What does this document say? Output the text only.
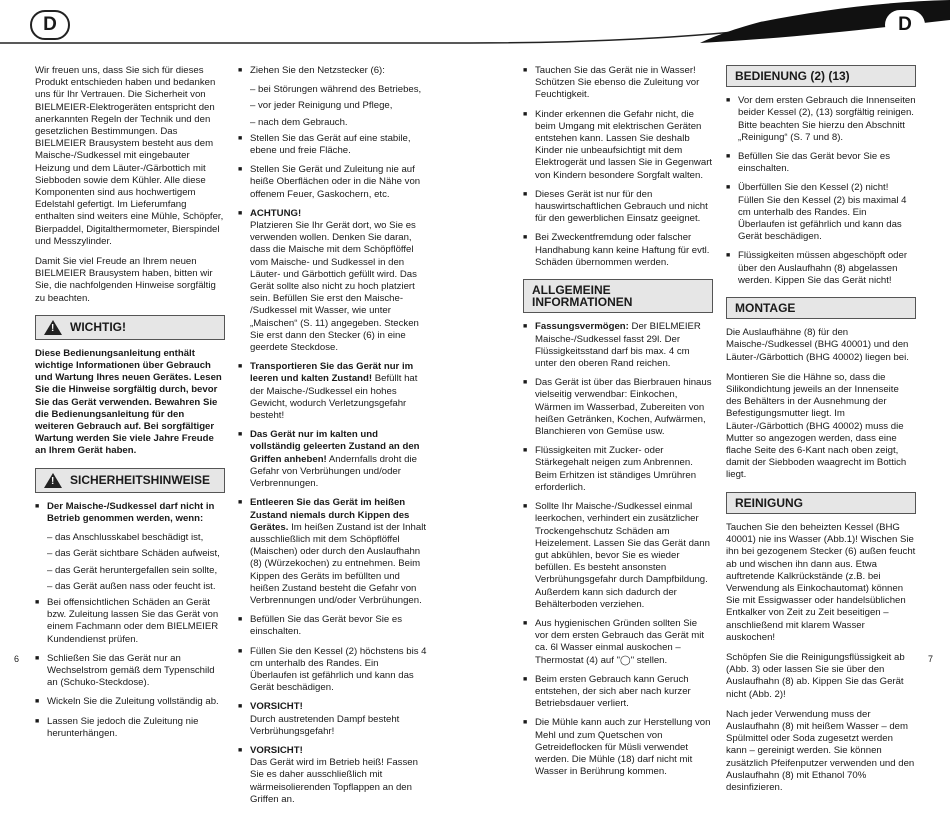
D	D

Wir freuen uns, dass Sie sich für dieses Produkt entschieden haben und bedanken uns für Ihr Vertrauen. Die Sicherheit von BIELMEIER-Elektrogeräten entspricht den anerkannten Regeln der Technik und den gesetzlichen Bestimmungen. Das BIELMEIER Brausystem besteht aus dem Maische-/Sudkessel mit eingebauter Heizung und dem Läuter-/Gärbottich mit Siebboden sowie dem Kühler. Alle diese Komponenten sind aus hochwertigem Edelstahl gefertigt. Im Lieferumfang enthalten sind weiters eine Mühle, Schöpfer, Bierpaddel, Digitalthermometer, Bierspindel und Messzylinder.

Damit Sie viel Freude an Ihrem neuen BIELMEIER Brausystem haben, bitten wir Sie, die nachfolgenden Hinweise sorgfältig zu beachten.

! WICHTIG!

Diese Bedienungsanleitung enthält wichtige Informationen über Gebrauch und Wartung Ihres neuen Gerätes. Lesen Sie die Hinweise sorgfältig durch, bevor Sie das Gerät verwenden. Bewahren Sie die Bedienungsanleitung für den weiteren Gebrauch auf. Bei sorgfältiger Wartung werden Sie viele Jahre Freude an Ihrem Gerät haben.

! SICHERHEITSHINWEISE
■ Der Maische-/Sudkessel darf nicht in Betrieb genommen werden, wenn:
– das Anschlusskabel beschädigt ist,
– das Gerät sichtbare Schäden aufweist,
– das Gerät heruntergefallen sein sollte,
– das Gerät außen nass oder feucht ist.
■ Bei offensichtlichen Schäden an Gerät bzw. Zuleitung lassen Sie das Gerät von einem Fachmann oder dem BIELMEIER Kundendienst prüfen.
■ Schließen Sie das Gerät nur an Wechselstrom gemäß dem Typenschild an (Schuko-Steckdose).
■ Wickeln Sie die Zuleitung vollständig ab.
■ Lassen Sie jedoch die Zuleitung nie herunterhängen.
■ Ziehen Sie den Netzstecker (6):
– bei Störungen während des Betriebes,
– vor jeder Reinigung und Pflege,
– nach dem Gebrauch.
■ Stellen Sie das Gerät auf eine stabile, ebene und freie Fläche.
■ Stellen Sie Gerät und Zuleitung nie auf heiße Oberflächen oder in die Nähe von offenem Feuer, Gaskochern, etc.
■ ACHTUNG!
Platzieren Sie Ihr Gerät dort, wo Sie es verwenden wollen. Denken Sie daran, dass die Maische mit dem Schöpflöffel vom Maische- und Sudkessel in den Läuter- und Gärbottich gefüllt wird. Das Gerät sollte also nicht zu hoch platziert sein. Befüllen Sie erst den Maische- /Sudkessel mit Wasser, wie unter „Maischen“ (S. 11) angegeben. Stecken Sie erst dann den Stecker (6) in eine geerdete Steckdose.
■ Transportieren Sie das Gerät nur im leeren und kalten Zustand! Befüllt hat der Maische-/Sudkessel ein hohes Gewicht, wodurch Verletzungsgefahr besteht!
■ Das Gerät nur im kalten und vollständig geleerten Zustand an den Griffen anheben! Andernfalls droht die Gefahr von Verbrühungen und/oder Verbrennungen.
■ Entleeren Sie das Gerät im heißen Zustand niemals durch Kippen des Gerätes. Im heißen Zustand ist der Inhalt ausschließlich mit dem Schöpflöffel (Maischen) oder durch den Auslaufhahn (8) (Würzekochen) zu entnehmen. Beim Kippen des Geräts im befüllten und heißen Zustand besteht die Gefahr von Verbrennungen und/oder Verbrühungen.
■ Befüllen Sie das Gerät bevor Sie es einschalten.
■ Füllen Sie den Kessel (2) höchstens bis 4 cm unterhalb des Randes. Ein Überlaufen ist gefährlich und kann das Gerät beschädigen.
■ VORSICHT!
Durch austretenden Dampf besteht Verbrühungsgefahr!
■ VORSICHT!
Das Gerät wird im Betrieb heiß! Fassen Sie es daher ausschließlich mit wärmeisolierenden Topflappen an den Griffen an.
■ Tauchen Sie das Gerät nie in Wasser! Schützen Sie ebenso die Zuleitung vor Feuchtigkeit.
■ Kinder erkennen die Gefahr nicht, die beim Umgang mit elektrischen Geräten entstehen kann. Lassen Sie deshalb Kinder nie unbeaufsichtigt mit dem Elektrogerät und lassen Sie in Gegenwart von Kindern besondere Sorgfalt walten.
■ Dieses Gerät ist nur für den hauswirtschaftlichen Gebrauch und nicht für den gewerblichen Einsatz geeignet.
■ Bei Zweckentfremdung oder falscher Handhabung kann keine Haftung für evtl. Schäden übernommen werden.
ALLGEMEINE INFORMATIONEN
■ Fassungsvermögen: Der BIELMEIER Maische-/Sudkessel fasst 29l. Der Flüssigkeitsstand darf bis max. 4 cm unter den oberen Rand reichen.
■ Das Gerät ist über das Bierbrauen hinaus vielseitig verwendbar: Einkochen, Wärmen im Wasserbad, Zubereiten von heißen Getränken, Kochen, Aufwärmen, Blanchieren von Gemüse usw.
■ Flüssigkeiten mit Zucker- oder Stärkegehalt neigen zum Anbrennen. Beim Erhitzen ist ständiges Umrühren erforderlich.
■ Sollte Ihr Maische-/Sudkessel einmal leerkochen, verhindert ein zusätzlicher Trockengehschutz Schäden am Heizelement. Lassen Sie das Gerät dann gut abkühlen, bevor Sie es wieder befüllen. Es besteht ansonsten Verbrühungsgefahr durch Dampfbildung. Außerdem kann sich dadurch der Behälterboden verziehen.
■ Aus hygienischen Gründen sollten Sie vor dem ersten Gebrauch das Gerät mit ca. 6l Wasser einmal auskochen – Thermostat (4) auf "◯" stellen.
■ Beim ersten Gebrauch kann Geruch entstehen, der sich aber nach kurzer Betriebsdauer verliert.
■ Die Mühle kann auch zur Herstellung von Mehl und zum Quetschen von Getreideflocken für Müsli verwendet werden. Die Mühle (18) darf nicht mit Wasser in Berührung kommen.
BEDIENUNG (2) (13)
■ Vor dem ersten Gebrauch die Innenseiten beider Kessel (2), (13) sorgfältig reinigen. Bitte beachten Sie hierzu den Abschnitt „Reinigung“ (S. 7 und 8).
■ Befüllen Sie das Gerät bevor Sie es einschalten.
■ Überfüllen Sie den Kessel (2) nicht! Füllen Sie den Kessel (2) bis maximal 4 cm unterhalb des Randes. Ein Überlaufen ist gefährlich und kann das Gerät beschädigen.
■ Flüssigkeiten müssen abgeschöpft oder über den Auslaufhahn (8) abgelassen werden. Kippen Sie das Gerät nicht!
MONTAGE

Die Auslaufhähne (8) für den Maische-/Sudkessel (BHG 40001) und den Läuter-/Gärbottich (BHG 40002) liegen bei.

Montieren Sie die Hähne so, dass die Silikondichtung jeweils an der Innenseite des Behälters in der Ausnehmung der Befestigungsmutter liegt. Im Läuter-/Gärbottich (BHG 40002) muss die Mutter so angezogen werden, dass eine flache Seite des 6-Kant nach oben zeigt, damit der Siebboden waagrecht im Bottich liegt.

REINIGUNG

Tauchen Sie den beheizten Kessel (BHG 40001) nie ins Wasser (Abb.1)! Wischen Sie ihn bei gezogenem Stecker (6) außen feucht ab und wischen ihn dann aus. Etwa auftretende Kalkrückstände (z.B. bei Verwendung als Einkochautomat) können Sie mit Essigwasser oder handelsüblichen Entkalker von Zeit zu Zeit beseitigen – anschließend mit klarem Wasser auskochen!

Schöpfen Sie die Reinigungsflüssigkeit ab (Abb. 3) oder lassen Sie sie über den Auslaufhahn (8) ab. Kippen Sie das Gerät nicht (Abb. 2)!

Nach jeder Verwendung muss der Auslaufhahn (8) mit heißem Wasser – dem Spülmittel oder Soda zugesetzt werden kann – gereinigt werden. Sie können zusätzlich Pfeifenputzer verwenden und den Auslaufhahn (8) mit Ethanol 70% desinfizieren.

6	7
